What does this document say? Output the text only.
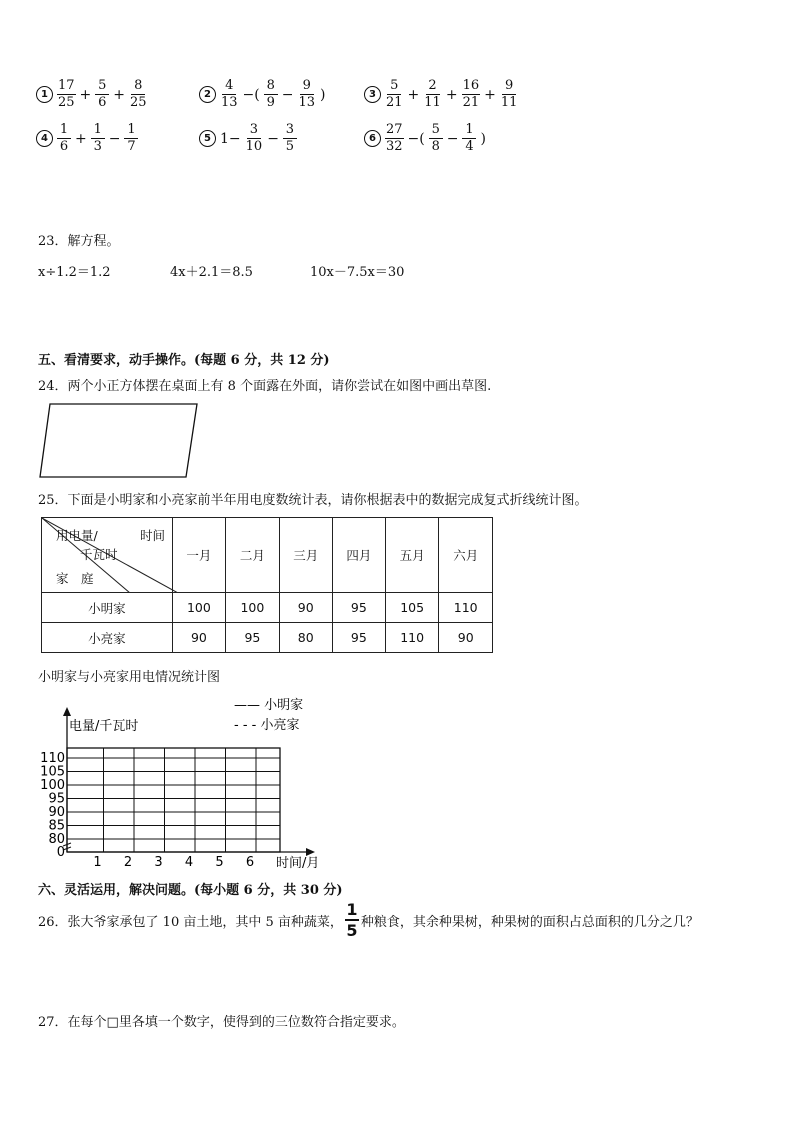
$1 \frac{17}{25} + \frac{5}{6} + \frac{8}{25}$	$2 \frac{4}{13}$ −( $\frac{8}{9} - \frac{9}{13}$ )	$3 \frac{5}{21} + \frac{2}{11} + \frac{16}{21} + \frac{9}{11}$
$4 \frac{1}{6} + \frac{1}{3} - \frac{1}{7}$	5 $1- \frac{3}{10} - \frac{3}{5}$	$6 \frac{27}{32}$ −( $\frac{5}{8} - \frac{1}{4}$ )
23．解方程。
x÷1.2＝1.2	4x＋2.1＝8.5	10x－7.5x＝30
五、看清要求，动手操作。(每题 6 分，共 12 分)
24．两个小正方体摆在桌面上有 8 个面露在外面，请你尝试在如图中画出草图.
25．下面是小明家和小亮家前半年用电度数统计表，请你根据表中的数据完成复式折线统计图。
用电量/
千瓦时
时间
家　庭	一月	二月	三月	四月	五月	六月
小明家	100	100	90	95	105	110
小亮家	90	95	80	95	110	90
小明家与小亮家用电情况统计图
0
80
85
90
95
100
105
110
1 2 3 4 5 6
电量/千瓦时
时间/月
—— 小明家
- - - 小亮家
六、灵活运用，解决问题。(每小题 6 分，共 30 分)
26．张大爷家承包了 10 亩土地，其中 5 亩种蔬菜， $\frac{1}{5}$ 种粮食，其余种果树，种果树的面积占总面积的几分之几？
27．在每个□里各填一个数字，使得到的三位数符合指定要求。
